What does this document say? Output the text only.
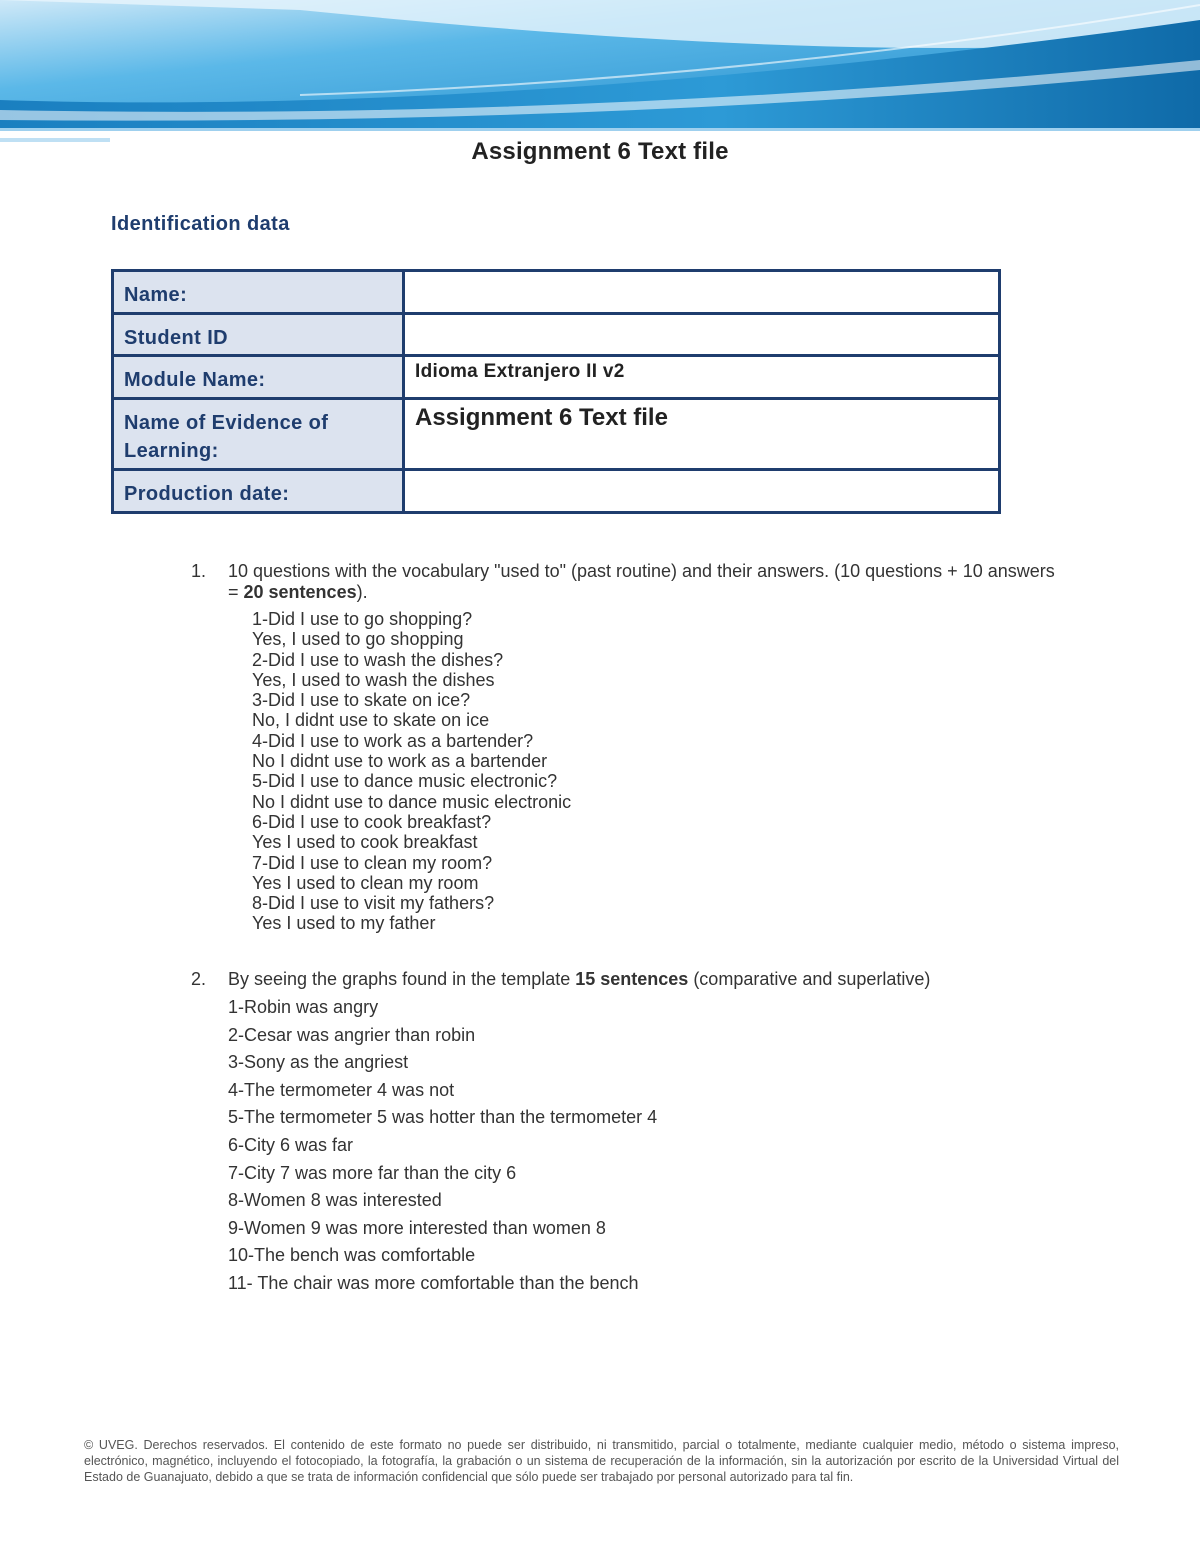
Assignment 6 Text file
Identification data
Name:	
Student ID	
Module Name:	Idioma Extranjero II v2
Name of Evidence of Learning:	Assignment 6 Text file
Production date:	
1. 10 questions with the vocabulary "used to" (past routine) and their answers. (10 questions + 10 answers = 20 sentences).
1-Did I use to go shopping?
Yes, I used to go shopping
2-Did I use to wash the dishes?
Yes, I used to wash the dishes
3-Did I use to skate on ice?
No, I didnt use to skate on ice
4-Did I use to work as a bartender?
No I didnt use to work as a bartender
5-Did I use to dance music electronic?
No I didnt use to dance music electronic
6-Did I use to cook breakfast?
Yes I used to cook breakfast
7-Did I use to clean my room?
Yes I used to clean my room
8-Did I use to visit my fathers?
Yes I used to my father
2. By seeing the graphs found in the template 15 sentences (comparative and superlative)
1-Robin was angry
2-Cesar was angrier than robin
3-Sony as the angriest
4-The termometer 4 was not
5-The termometer 5 was hotter than the termometer 4
6-City 6 was far
7-City 7 was more far than the city 6
8-Women 8 was interested
9-Women 9 was more interested than women 8
10-The bench was comfortable
11- The chair was more comfortable than the bench
© UVEG. Derechos reservados. El contenido de este formato no puede ser distribuido, ni transmitido, parcial o totalmente, mediante cualquier medio, método o sistema impreso, electrónico, magnético, incluyendo el fotocopiado, la fotografía, la grabación o un sistema de recuperación de la información, sin la autorización por escrito de la Universidad Virtual del Estado de Guanajuato, debido a que se trata de información confidencial que sólo puede ser trabajado por personal autorizado para tal fin.
